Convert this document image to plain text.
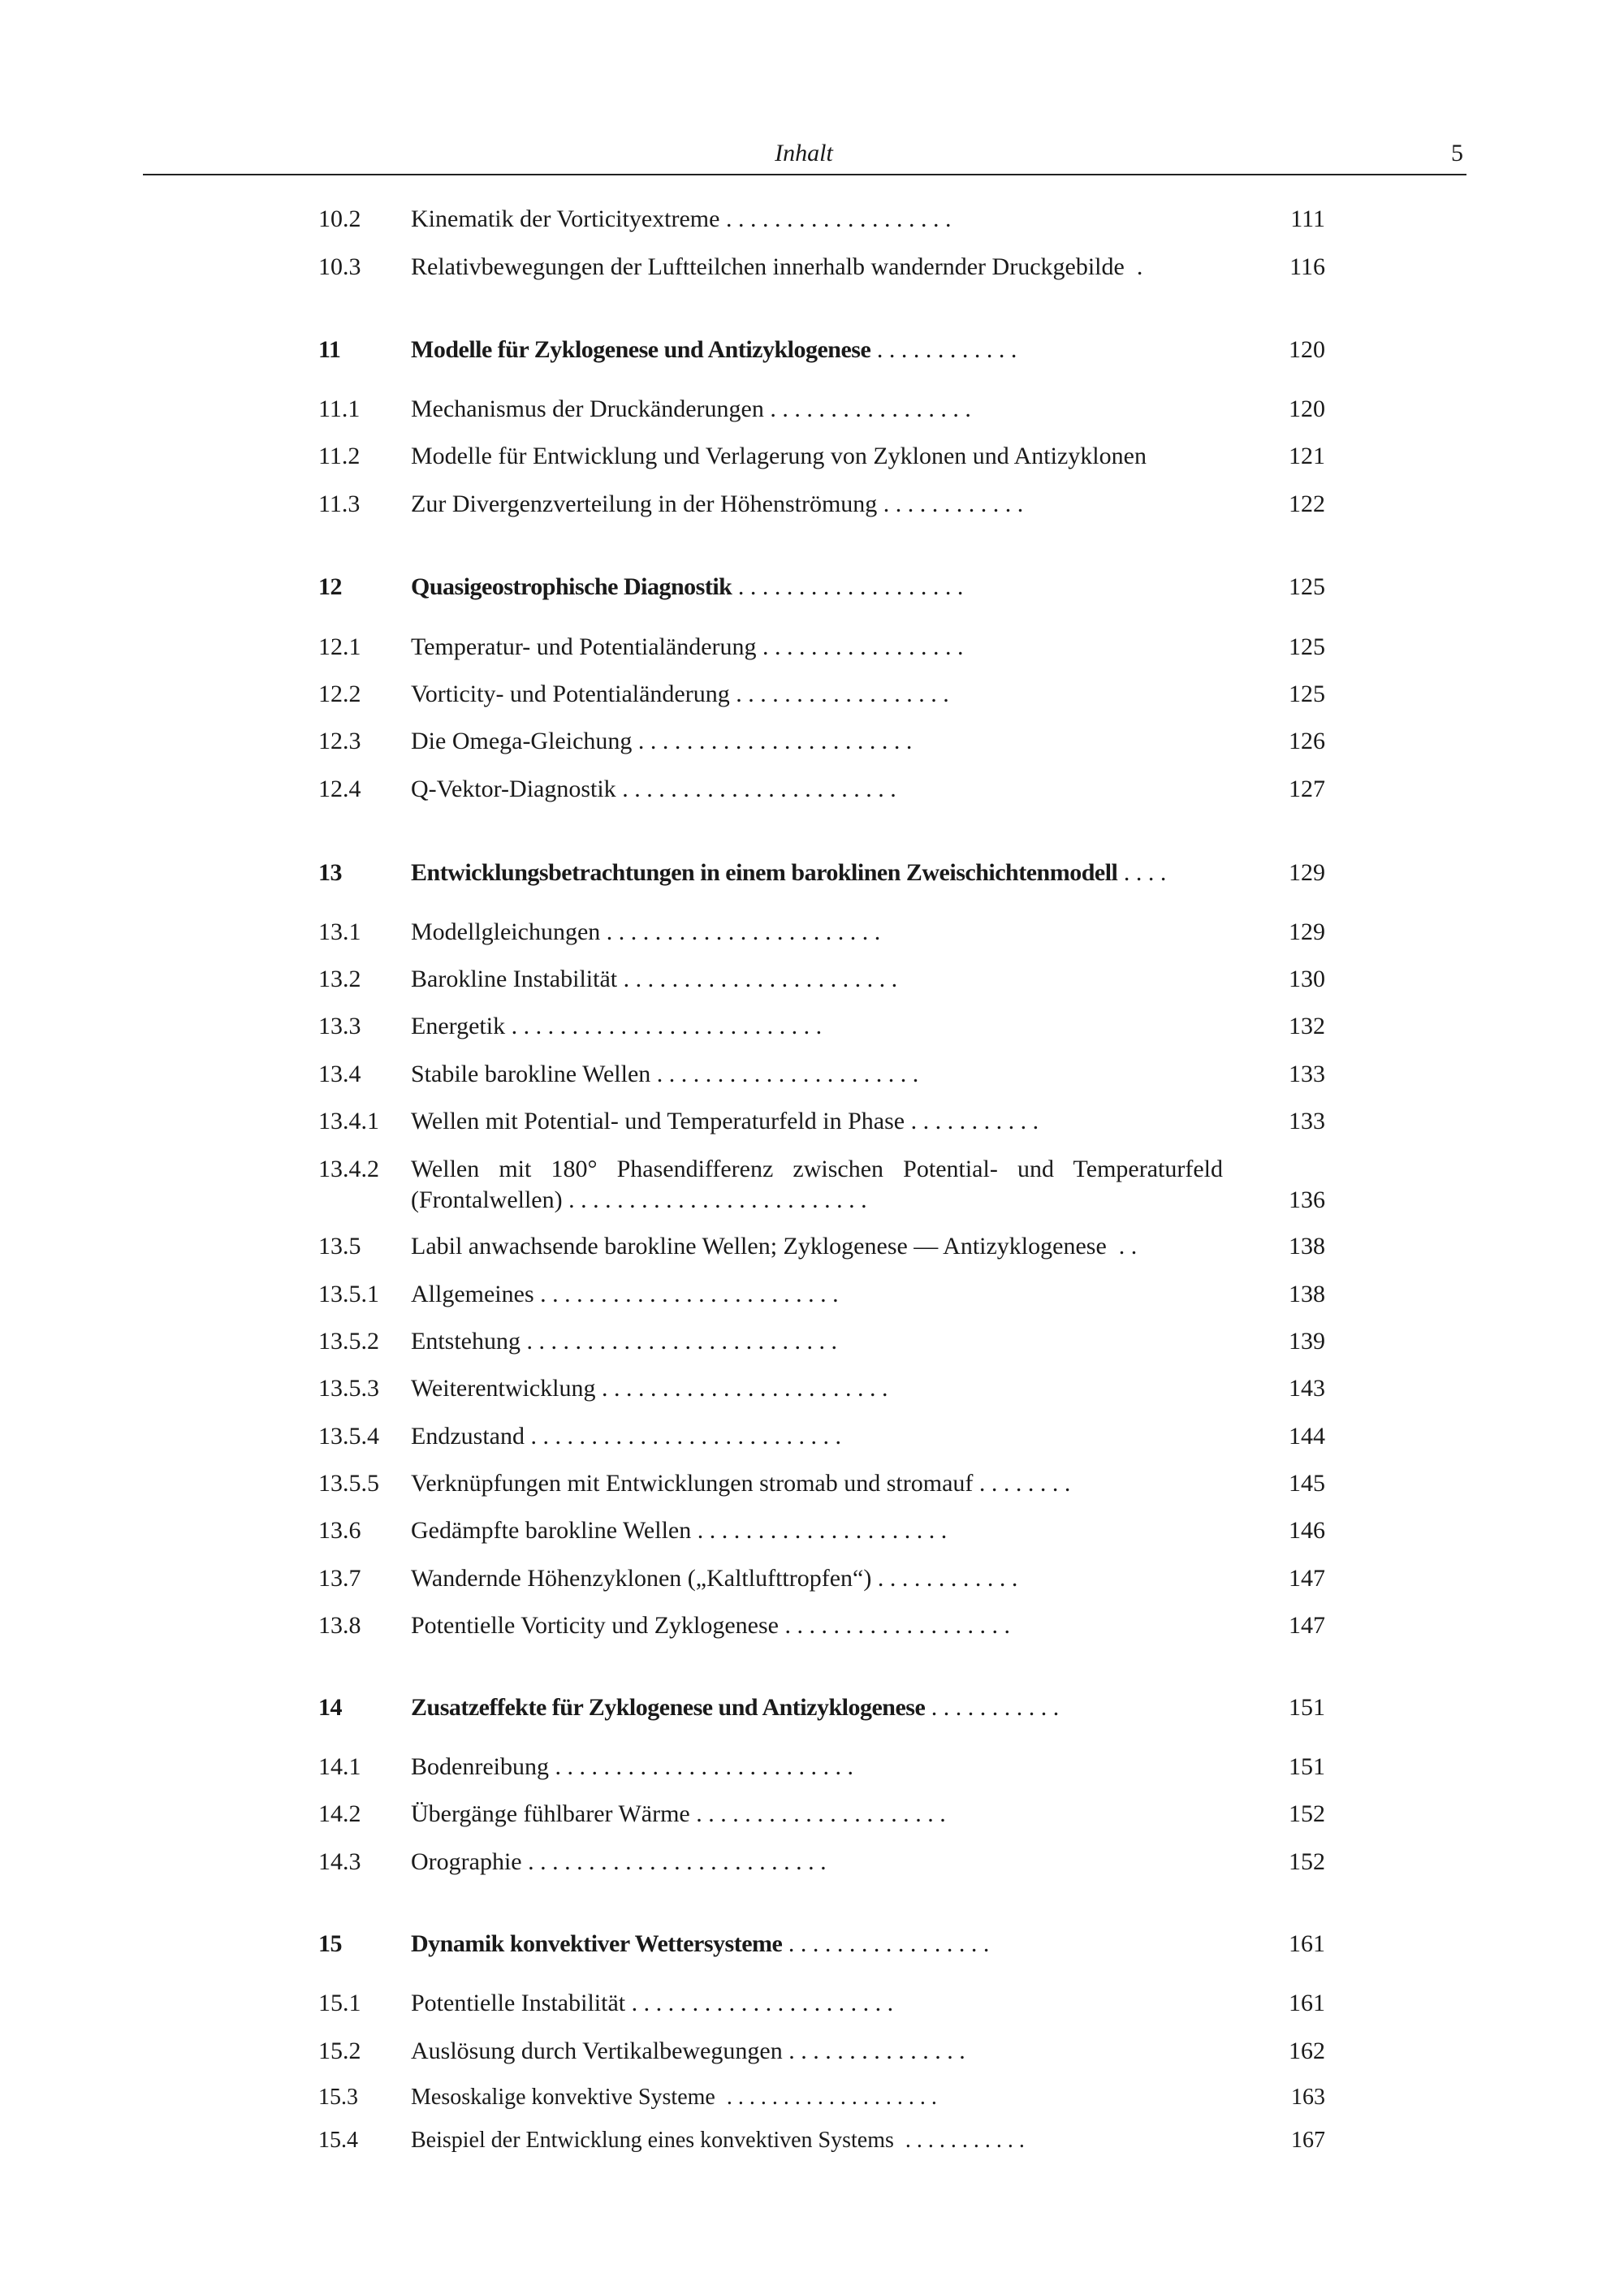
Inhalt	5
10.2 Kinematik der Vorticityextreme . . . . . . . . . . . . . . . . . . .	111
10.3 Relativbewegungen der Luftteilchen innerhalb wandernder Druckgebilde  .	116
11	Modelle für Zyklogenese und Antizyklogenese . . . . . . . . . . . .	120
11.1 Mechanismus der Druckänderungen . . . . . . . . . . . . . . . . .	120
11.2 Modelle für Entwicklung und Verlagerung von Zyklonen und Antizyklonen	121
11.3 Zur Divergenzverteilung in der Höhenströmung . . . . . . . . . . . .	122
12	Quasigeostrophische Diagnostik . . . . . . . . . . . . . . . . . . .	125
12.1 Temperatur- und Potentialänderung . . . . . . . . . . . . . . . . .	125
12.2 Vorticity- und Potentialänderung . . . . . . . . . . . . . . . . . .	125
12.3 Die Omega-Gleichung . . . . . . . . . . . . . . . . . . . . . . .	126
12.4 Q-Vektor-Diagnostik . . . . . . . . . . . . . . . . . . . . . . .	127
13	Entwicklungsbetrachtungen in einem baroklinen Zweischichtenmodell . . . .	129
13.1 Modellgleichungen . . . . . . . . . . . . . . . . . . . . . . .	129
13.2 Barokline Instabilität . . . . . . . . . . . . . . . . . . . . . . .	130
13.3 Energetik . . . . . . . . . . . . . . . . . . . . . . . . . .	132
13.4 Stabile barokline Wellen . . . . . . . . . . . . . . . . . . . . . .	133
13.4.1 Wellen mit Potential- und Temperaturfeld in Phase . . . . . . . . . . .	133
13.4.2 Wellen mit 180° Phasendifferenz zwischen Potential- und Temperaturfeld
(Frontalwellen) . . . . . . . . . . . . . . . . . . . . . . . . .	136
13.5 Labil anwachsende barokline Wellen; Zyklogenese — Antizyklogenese  . .	138
13.5.1 Allgemeines . . . . . . . . . . . . . . . . . . . . . . . . .	138
13.5.2 Entstehung . . . . . . . . . . . . . . . . . . . . . . . . . .	139
13.5.3 Weiterentwicklung . . . . . . . . . . . . . . . . . . . . . . . .	143
13.5.4 Endzustand . . . . . . . . . . . . . . . . . . . . . . . . . .	144
13.5.5 Verknüpfungen mit Entwicklungen stromab und stromauf . . . . . . . .	145
13.6 Gedämpfte barokline Wellen . . . . . . . . . . . . . . . . . . . . .	146
13.7 Wandernde Höhenzyklonen („Kaltlufttropfen“) . . . . . . . . . . . .	147
13.8 Potentielle Vorticity und Zyklogenese . . . . . . . . . . . . . . . . . . .	147
14	Zusatzeffekte für Zyklogenese und Antizyklogenese . . . . . . . . . . .	151
14.1 Bodenreibung . . . . . . . . . . . . . . . . . . . . . . . . .	151
14.2 Übergänge fühlbarer Wärme . . . . . . . . . . . . . . . . . . . . .	152
14.3 Orographie . . . . . . . . . . . . . . . . . . . . . . . . .	152
15	Dynamik konvektiver Wettersysteme . . . . . . . . . . . . . . . . .	161
15.1 Potentielle Instabilität . . . . . . . . . . . . . . . . . . . . . .	161
15.2 Auslösung durch Vertikalbewegungen . . . . . . . . . . . . . . .	162
15.3 Mesoskalige konvektive Systeme  . . . . . . . . . . . . . . . . . . .	163
15.4 Beispiel der Entwicklung eines konvektiven Systems  . . . . . . . . . . .	167
